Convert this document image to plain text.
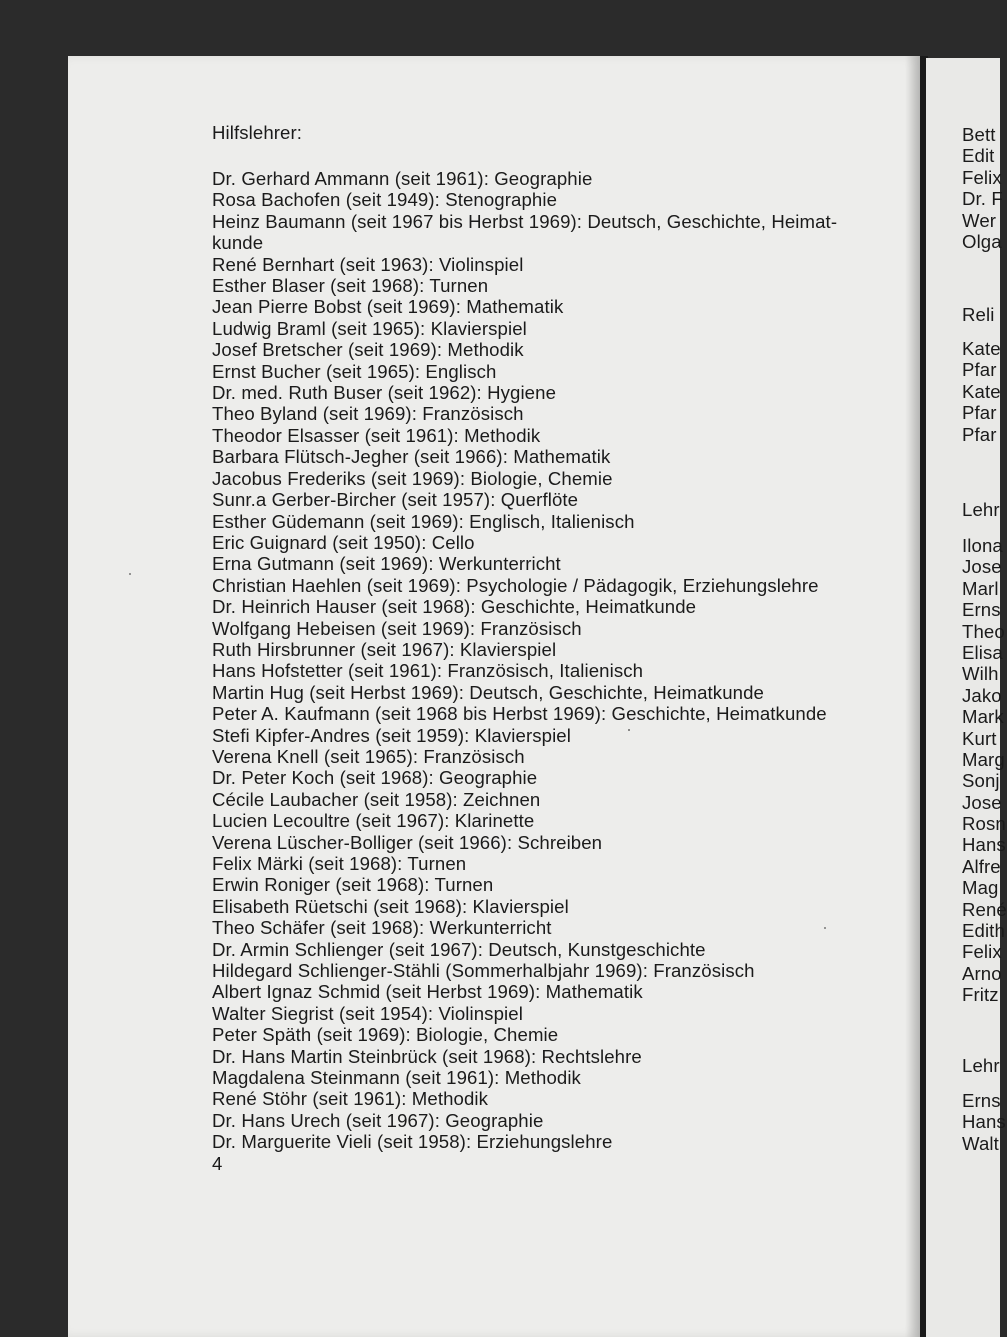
Hilfslehrer:
Dr. Gerhard Ammann (seit 1961): Geographie
Rosa Bachofen (seit 1949): Stenographie
Heinz Baumann (seit 1967 bis Herbst 1969): Deutsch, Geschichte, Heimat-
kunde
René Bernhart (seit 1963): Violinspiel
Esther Blaser (seit 1968): Turnen
Jean Pierre Bobst (seit 1969): Mathematik
Ludwig Braml (seit 1965): Klavierspiel
Josef Bretscher (seit 1969): Methodik
Ernst Bucher (seit 1965): Englisch
Dr. med. Ruth Buser (seit 1962): Hygiene
Theo Byland (seit 1969): Französisch
Theodor Elsasser (seit 1961): Methodik
Barbara Flütsch-Jegher (seit 1966): Mathematik
Jacobus Frederiks (seit 1969): Biologie, Chemie
Sunr.a Gerber-Bircher (seit 1957): Querflöte
Esther Güdemann (seit 1969): Englisch, Italienisch
Eric Guignard (seit 1950): Cello
Erna Gutmann (seit 1969): Werkunterricht
Christian Haehlen (seit 1969): Psychologie / Pädagogik, Erziehungslehre
Dr. Heinrich Hauser (seit 1968): Geschichte, Heimatkunde
Wolfgang Hebeisen (seit 1969): Französisch
Ruth Hirsbrunner (seit 1967): Klavierspiel
Hans Hofstetter (seit 1961): Französisch, Italienisch
Martin Hug (seit Herbst 1969): Deutsch, Geschichte, Heimatkunde
Peter A. Kaufmann (seit 1968 bis Herbst 1969): Geschichte, Heimatkunde
Stefi Kipfer-Andres (seit 1959): Klavierspiel
Verena Knell (seit 1965): Französisch
Dr. Peter Koch (seit 1968): Geographie
Cécile Laubacher (seit 1958): Zeichnen
Lucien Lecoultre (seit 1967): Klarinette
Verena Lüscher-Bolliger (seit 1966): Schreiben
Felix Märki (seit 1968): Turnen
Erwin Roniger (seit 1968): Turnen
Elisabeth Rüetschi (seit 1968): Klavierspiel
Theo Schäfer (seit 1968): Werkunterricht
Dr. Armin Schlienger (seit 1967): Deutsch, Kunstgeschichte
Hildegard Schlienger-Stähli (Sommerhalbjahr 1969): Französisch
Albert Ignaz Schmid (seit Herbst 1969): Mathematik
Walter Siegrist (seit 1954): Violinspiel
Peter Späth (seit 1969): Biologie, Chemie
Dr. Hans Martin Steinbrück (seit 1968): Rechtslehre
Magdalena Steinmann (seit 1961): Methodik
René Stöhr (seit 1961): Methodik
Dr. Hans Urech (seit 1967): Geographie
Dr. Marguerite Vieli (seit 1958): Erziehungslehre
4
Bett
Edit
Felix
Dr. F
Wer
Olga
Reli
Kate
Pfar
Kate
Pfar
Pfar
Lehr
Ilona
Jose
Marl
Erns
Theo
Elisa
Wilh
Jako
Mark
Kurt
Marg
Sonj
Jose
Rosn
Hans
Alfre
Mag
René
Edith
Felix
Arno
Fritz
Lehr
Erns
Hans
Walt
